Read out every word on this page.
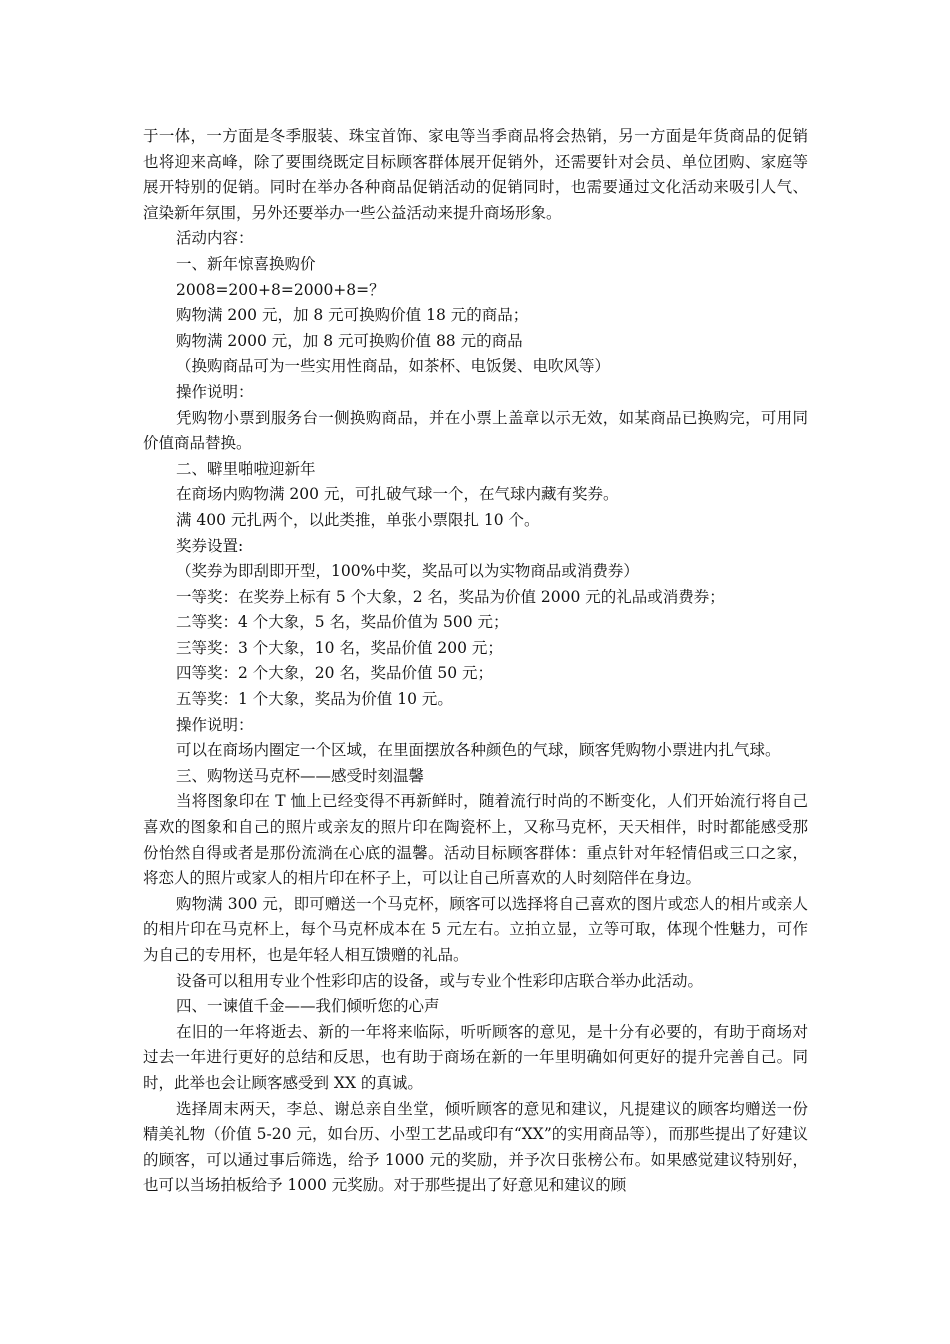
于一体，一方面是冬季服装、珠宝首饰、家电等当季商品将会热销，另一方面是年货商品的促销也将迎来高峰，除了要围绕既定目标顾客群体展开促销外，还需要针对会员、单位团购、家庭等展开特别的促销。同时在举办各种商品促销活动的促销同时，也需要通过文化活动来吸引人气、渲染新年氛围，另外还要举办一些公益活动来提升商场形象。

活动内容：

一、新年惊喜换购价

2008=200+8=2000+8=？

购物满 200 元，加 8 元可换购价值 18 元的商品；

购物满 2000 元，加 8 元可换购价值 88 元的商品

（换购商品可为一些实用性商品，如茶杯、电饭煲、电吹风等）

操作说明：

凭购物小票到服务台一侧换购商品，并在小票上盖章以示无效，如某商品已换购完，可用同价值商品替换。

二、噼里啪啦迎新年

在商场内购物满 200 元，可扎破气球一个，在气球内藏有奖券。

满 400 元扎两个，以此类推，单张小票限扎 10 个。

奖券设置:

（奖券为即刮即开型，100%中奖，奖品可以为实物商品或消费券）

一等奖：在奖券上标有 5 个大象，2 名，奖品为价值 2000 元的礼品或消费券；

二等奖：4 个大象，5 名，奖品价值为 500 元；

三等奖：3 个大象，10 名，奖品价值 200 元；

四等奖：2 个大象，20 名，奖品价值 50 元；

五等奖：1 个大象，奖品为价值 10 元。

操作说明：

可以在商场内圈定一个区域，在里面摆放各种颜色的气球，顾客凭购物小票进内扎气球。

三、购物送马克杯——感受时刻温馨

当将图象印在 T 恤上已经变得不再新鲜时，随着流行时尚的不断变化，人们开始流行将自己喜欢的图象和自己的照片或亲友的照片印在陶瓷杯上，又称马克杯，天天相伴，时时都能感受那份怡然自得或者是那份流淌在心底的温馨。活动目标顾客群体：重点针对年轻情侣或三口之家，将恋人的照片或家人的相片印在杯子上，可以让自己所喜欢的人时刻陪伴在身边。

购物满 300 元，即可赠送一个马克杯，顾客可以选择将自己喜欢的图片或恋人的相片或亲人的相片印在马克杯上，每个马克杯成本在 5 元左右。立拍立显，立等可取，体现个性魅力，可作为自己的专用杯，也是年轻人相互馈赠的礼品。

设备可以租用专业个性彩印店的设备，或与专业个性彩印店联合举办此活动。

四、一谏值千金——我们倾听您的心声

在旧的一年将逝去、新的一年将来临际，听听顾客的意见，是十分有必要的，有助于商场对过去一年进行更好的总结和反思，也有助于商场在新的一年里明确如何更好的提升完善自己。同时，此举也会让顾客感受到 XX 的真诚。

选择周末两天，李总、谢总亲自坐堂，倾听顾客的意见和建议，凡提建议的顾客均赠送一份精美礼物（价值 5-20 元，如台历、小型工艺品或印有“XX”的实用商品等），而那些提出了好建议的顾客，可以通过事后筛选，给予 1000 元的奖励，并予次日张榜公布。如果感觉建议特别好，也可以当场拍板给予 1000 元奖励。对于那些提出了好意见和建议的顾
